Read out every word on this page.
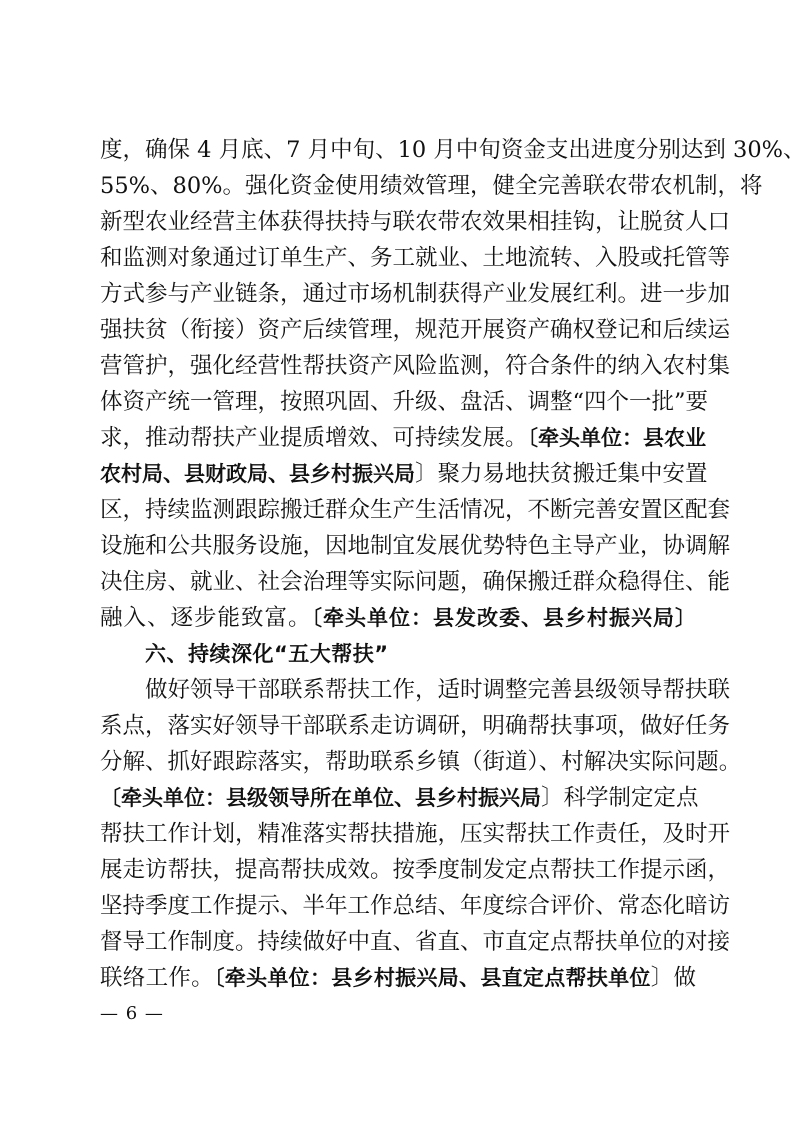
度，确保 4 月底、7 月中旬、10 月中旬资金支出进度分别达到 30%、
55%、80%。强化资金使用绩效管理，健全完善联农带农机制，将
新型农业经营主体获得扶持与联农带农效果相挂钩，让脱贫人口
和监测对象通过订单生产、务工就业、土地流转、入股或托管等
方式参与产业链条，通过市场机制获得产业发展红利。进一步加
强扶贫（衔接）资产后续管理，规范开展资产确权登记和后续运
营管护，强化经营性帮扶资产风险监测，符合条件的纳入农村集
体资产统一管理，按照巩固、升级、盘活、调整“四个一批”要
求，推动帮扶产业提质增效、可持续发展。〔牵头单位：县农业
农村局、县财政局、县乡村振兴局〕聚力易地扶贫搬迁集中安置
区，持续监测跟踪搬迁群众生产生活情况，不断完善安置区配套
设施和公共服务设施，因地制宜发展优势特色主导产业，协调解
决住房、就业、社会治理等实际问题，确保搬迁群众稳得住、能
融入、逐步能致富。〔牵头单位：县发改委、县乡村振兴局〕
六、持续深化“五大帮扶”
做好领导干部联系帮扶工作，适时调整完善县级领导帮扶联
系点，落实好领导干部联系走访调研，明确帮扶事项，做好任务
分解、抓好跟踪落实，帮助联系乡镇（街道）、村解决实际问题。
〔牵头单位：县级领导所在单位、县乡村振兴局〕科学制定定点
帮扶工作计划，精准落实帮扶措施，压实帮扶工作责任，及时开
展走访帮扶，提高帮扶成效。按季度制发定点帮扶工作提示函，
坚持季度工作提示、半年工作总结、年度综合评价、常态化暗访
督导工作制度。持续做好中直、省直、市直定点帮扶单位的对接
联络工作。〔牵头单位：县乡村振兴局、县直定点帮扶单位〕做
— 6 —
